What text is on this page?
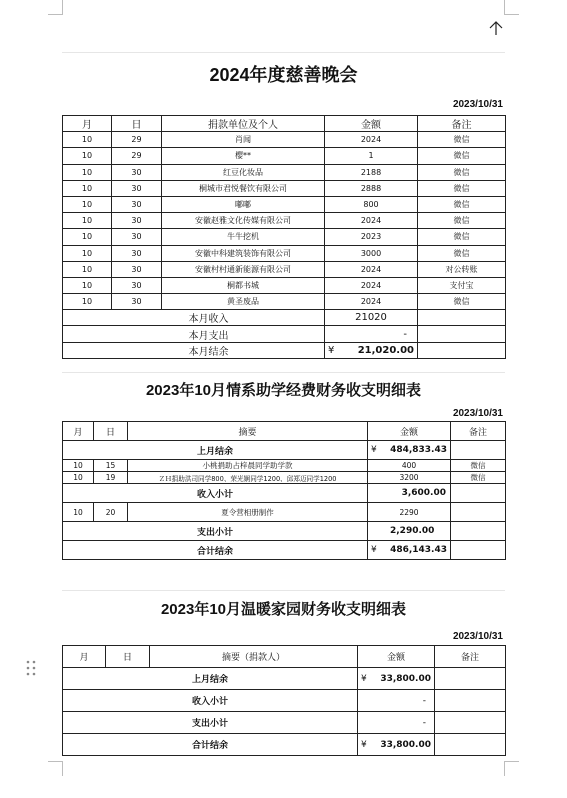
2024年度慈善晚会
2023/10/31
月	日	捐款单位及个人	金额	备注
10	29	肖闻	2024	微信
10	29	樱**	1	微信
10	30	红豆化妆品	2188	微信
10	30	桐城市君悦餐饮有限公司	2888	微信
10	30	嘟嘟	800	微信
10	30	安徽赵雅文化传媒有限公司	2024	微信
10	30	牛牛挖机	2023	微信
10	30	安徽中科建筑装饰有限公司	3000	微信
10	30	安徽村村通新能源有限公司	2024	对公转账
10	30	桐都书城	2024	支付宝
10	30	黄圣废品	2024	微信
本月收入			21020	
本月支出			-	
本月结余			¥ 21,020.00	

2023年10月情系助学经费财务收支明细表
2023/10/31
月	日	摘要	金额	备注
上月结余			¥ 484,833.43	

10	15	小桃捐助占梓晨同学助学款	400	微信
10	19	ＺＨ捐助洪司同学800、荣光娴同学1200、邱郑迈同学1200	3200	微信
收入小计			3,600.00	
10	20	夏令营相册制作	2290	
支出小计			2,290.00	
合计结余			¥ 486,143.43	

2023年10月温暖家园财务收支明细表
2023/10/31
月	日	摘要（捐款人）	金额	备注
上月结余			¥ 33,800.00	

收入小计			-	
支出小计			-	
合计结余			¥ 33,800.00	
